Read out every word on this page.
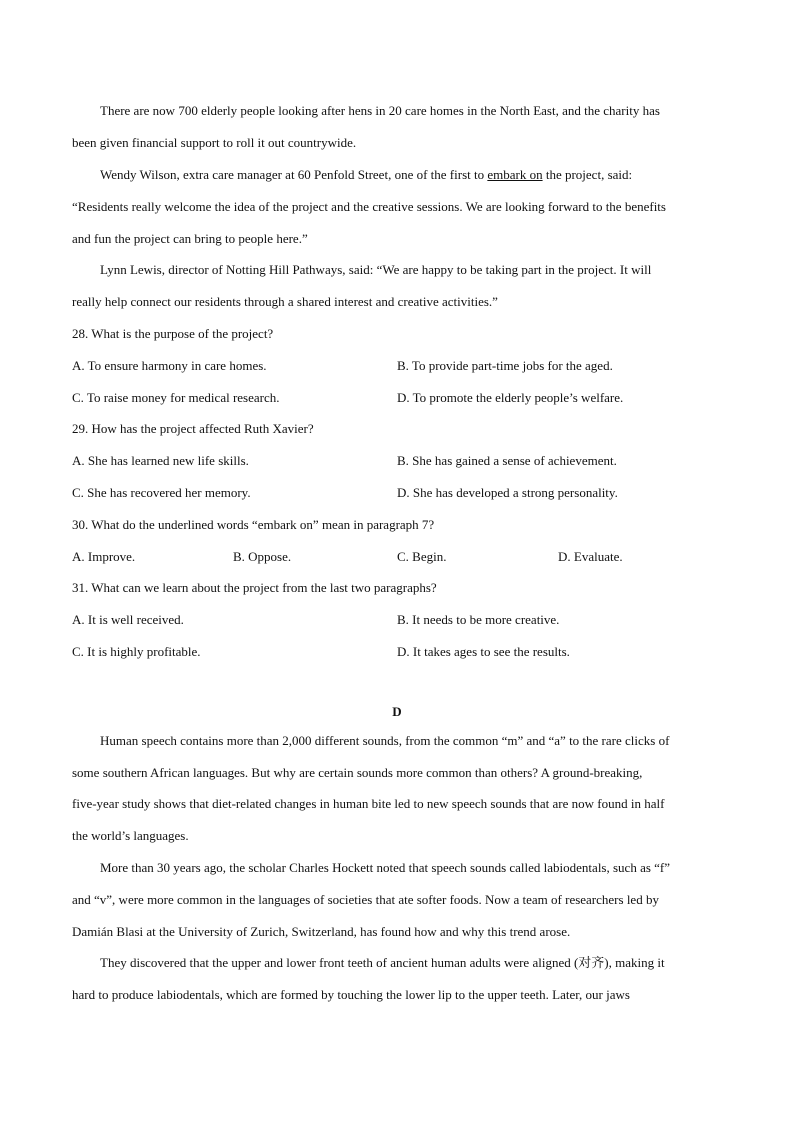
There are now 700 elderly people looking after hens in 20 care homes in the North East, and the charity has
been given financial support to roll it out countrywide.
Wendy Wilson, extra care manager at 60 Penfold Street, one of the first to embark on the project, said:
“Residents really welcome the idea of the project and the creative sessions. We are looking forward to the benefits
and fun the project can bring to people here.”
Lynn Lewis, director of Notting Hill Pathways, said: “We are happy to be taking part in the project. It will
really help connect our residents through a shared interest and creative activities.”
28. What is the purpose of the project?
A. To ensure harmony in care homes.	B. To provide part-time jobs for the aged.
C. To raise money for medical research.	D. To promote the elderly people’s welfare.
29. How has the project affected Ruth Xavier?
A. She has learned new life skills.	B. She has gained a sense of achievement.
C. She has recovered her memory.	D. She has developed a strong personality.
30. What do the underlined words “embark on” mean in paragraph 7?
A. Improve.	B. Oppose.	C. Begin.	D. Evaluate.
31. What can we learn about the project from the last two paragraphs?
A. It is well received.	B. It needs to be more creative.
C. It is highly profitable.	D. It takes ages to see the results.
D
Human speech contains more than 2,000 different sounds, from the common “m” and “a” to the rare clicks of
some southern African languages. But why are certain sounds more common than others? A ground-breaking,
five-year study shows that diet-related changes in human bite led to new speech sounds that are now found in half
the world’s languages.
More than 30 years ago, the scholar Charles Hockett noted that speech sounds called labiodentals, such as “f”
and “v”, were more common in the languages of societies that ate softer foods. Now a team of researchers led by
Damián Blasi at the University of Zurich, Switzerland, has found how and why this trend arose.
They discovered that the upper and lower front teeth of ancient human adults were aligned (对齐), making it
hard to produce labiodentals, which are formed by touching the lower lip to the upper teeth. Later, our jaws
